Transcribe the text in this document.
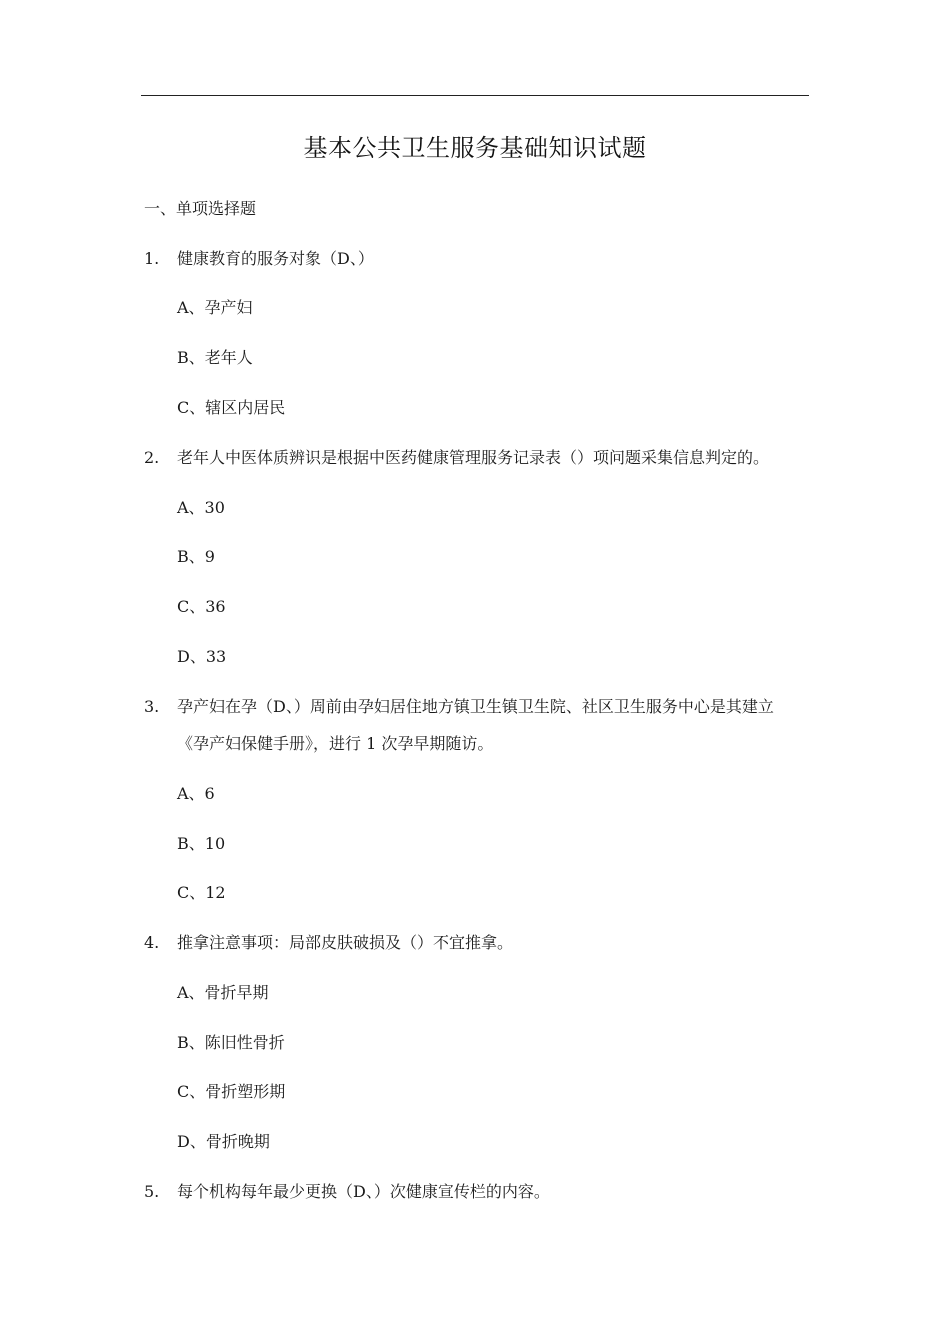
基本公共卫生服务基础知识试题
一、单项选择题
1. 健康教育的服务对象（D、）
A、孕产妇
B、老年人
C、辖区内居民
2. 老年人中医体质辨识是根据中医药健康管理服务记录表（）项问题采集信息判定的。
A、30
B、9
C、36
D、33
3. 孕产妇在孕（D、）周前由孕妇居住地方镇卫生镇卫生院、社区卫生服务中心是其建立
《孕产妇保健手册》，进行 1 次孕早期随访。
A、6
B、10
C、12
4. 推拿注意事项：局部皮肤破损及（）不宜推拿。
A、骨折早期
B、陈旧性骨折
C、骨折塑形期
D、骨折晚期
5. 每个机构每年最少更换（D、）次健康宣传栏的内容。
